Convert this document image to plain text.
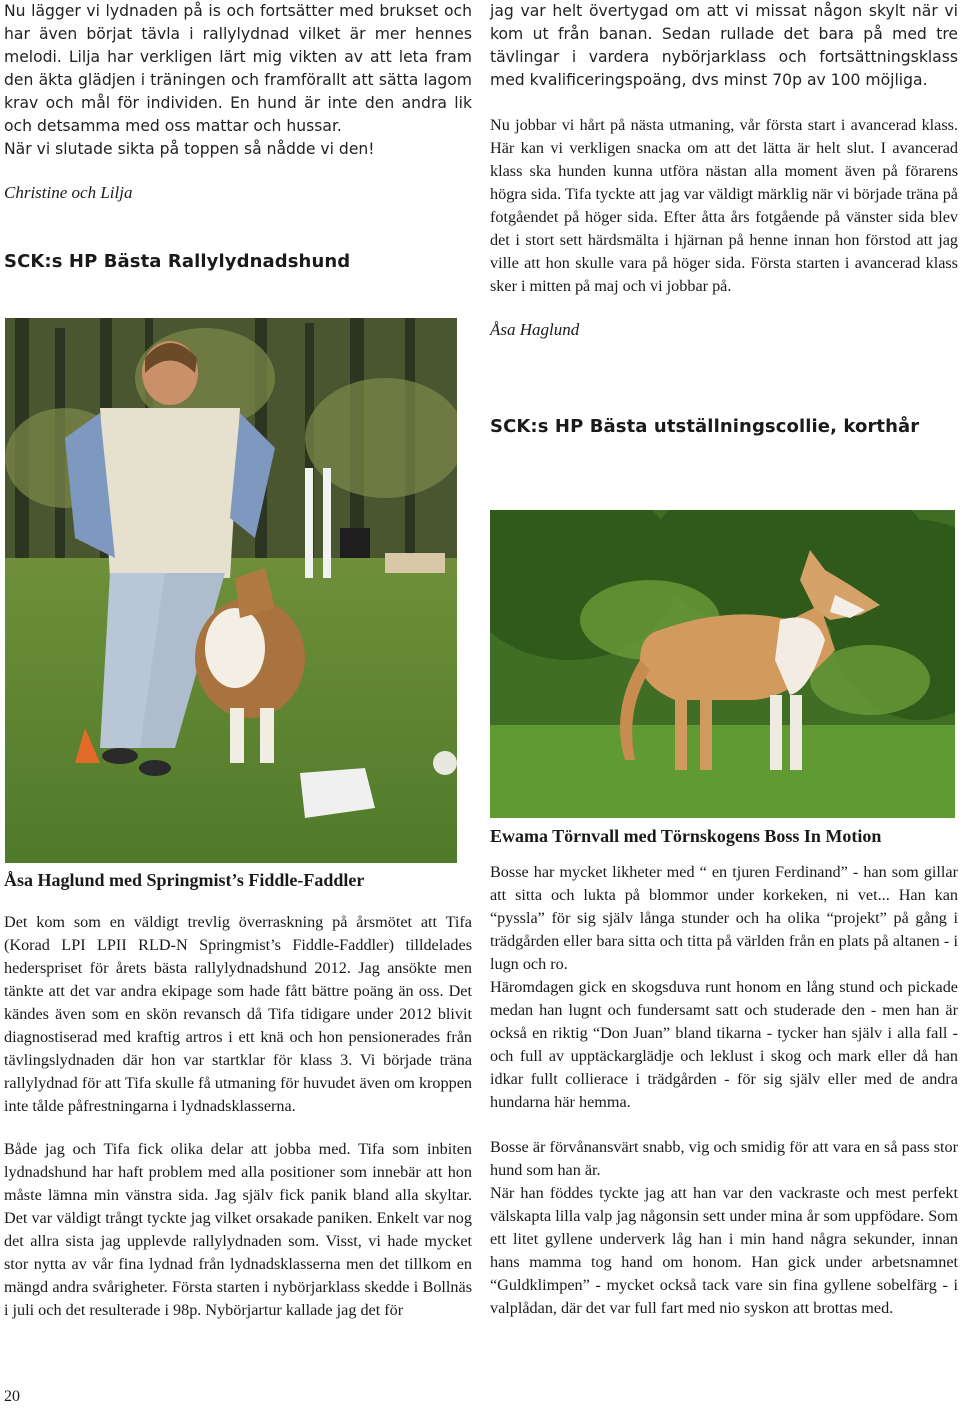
Nu lägger vi lydnaden på is och fortsätter med brukset och har även börjat tävla i rallylydnad vilket är mer hennes melodi. Lilja har verkligen lärt mig vikten av att leta fram den äkta glädjen i träningen och framförallt att sätta lagom krav och mål för individen. En hund är inte den andra lik och detsamma med oss mattar och hussar.

När vi slutade sikta på toppen så nådde vi den!

Christine och Lilja

SCK:s HP Bästa Rallylydnadshund

Åsa Haglund med Springmist’s Fiddle-Faddler

Det kom som en väldigt trevlig överraskning på årsmötet att Tifa (Korad LPI LPII RLD-N Springmist’s Fiddle-Faddler) tilldelades hederspriset för årets bästa rallylydnadshund 2012. Jag ansökte men tänkte att det var andra ekipage som hade fått bättre poäng än oss. Det kändes även som en skön revansch då Tifa tidigare under 2012 blivit diagnostiserad med kraftig artros i ett knä och hon pensionerades från tävlingslydnaden där hon var startklar för klass 3. Vi började träna rallylydnad för att Tifa skulle få utmaning för huvudet även om kroppen inte tålde påfrestningarna i lydnadsklasserna.

Både jag och Tifa fick olika delar att jobba med. Tifa som inbiten lydnadshund har haft problem med alla positioner som innebär att hon måste lämna min vänstra sida. Jag själv fick panik bland alla skyltar. Det var väldigt trångt tyckte jag vilket orsakade paniken. Enkelt var nog det allra sista jag upplevde rallylydnaden som. Visst, vi hade mycket stor nytta av vår fina lydnad från lydnadsklasserna men det tillkom en mängd andra svårigheter. Första starten i nybörjarklass skedde i Bollnäs i juli och det resulterade i 98p. Nybörjartur kallade jag det för

20

jag var helt övertygad om att vi missat någon skylt när vi kom ut från banan. Sedan rullade det bara på med tre tävlingar i vardera nybörjarklass och fortsättningsklass med kvalificeringspoäng, dvs minst 70p av 100 möjliga.

Nu jobbar vi hårt på nästa utmaning, vår första start i avancerad klass. Här kan vi verkligen snacka om att det lätta är helt slut. I avancerad klass ska hunden kunna utföra nästan alla moment även på förarens högra sida. Tifa tyckte att jag var väldigt märklig när vi började träna på fotgåendet på höger sida. Efter åtta års fotgående på vänster sida blev det i stort sett härdsmälta i hjärnan på henne innan hon förstod att jag ville att hon skulle vara på höger sida. Första starten i avancerad klass sker i mitten på maj och vi jobbar på.

Åsa Haglund

SCK:s HP Bästa utställningscollie, korthår

Ewama Törnvall med Törnskogens Boss In Motion

Bosse har mycket likheter med “ en tjuren Ferdinand” - han som gillar att sitta och lukta på blommor under korkeken, ni vet... Han kan “pyssla” för sig själv långa stunder och ha olika “projekt” på gång i trädgården eller bara sitta och titta på världen från en plats på altanen - i lugn och ro.

Häromdagen gick en skogsduva runt honom en lång stund och pickade medan han lugnt och fundersamt satt och studerade den - men han är också en riktig “Don Juan” bland tikarna - tycker han själv i alla fall - och full av upptäckarglädje och leklust i skog och mark eller då han idkar fullt collierace i trädgården - för sig själv eller med de andra hundarna här hemma.

Bosse är förvånansvärt snabb, vig och smidig för att vara en så pass stor hund som han är.

När han föddes tyckte jag att han var den vackraste och mest perfekt välskapta lilla valp jag någonsin sett under mina år som uppfödare. Som ett litet gyllene underverk låg han i min hand några sekunder, innan hans mamma tog hand om honom. Han gick under arbetsnamnet “Guldklimpen” - mycket också tack vare sin fina gyllene sobelfärg - i valplådan, där det var full fart med nio syskon att brottas med.
